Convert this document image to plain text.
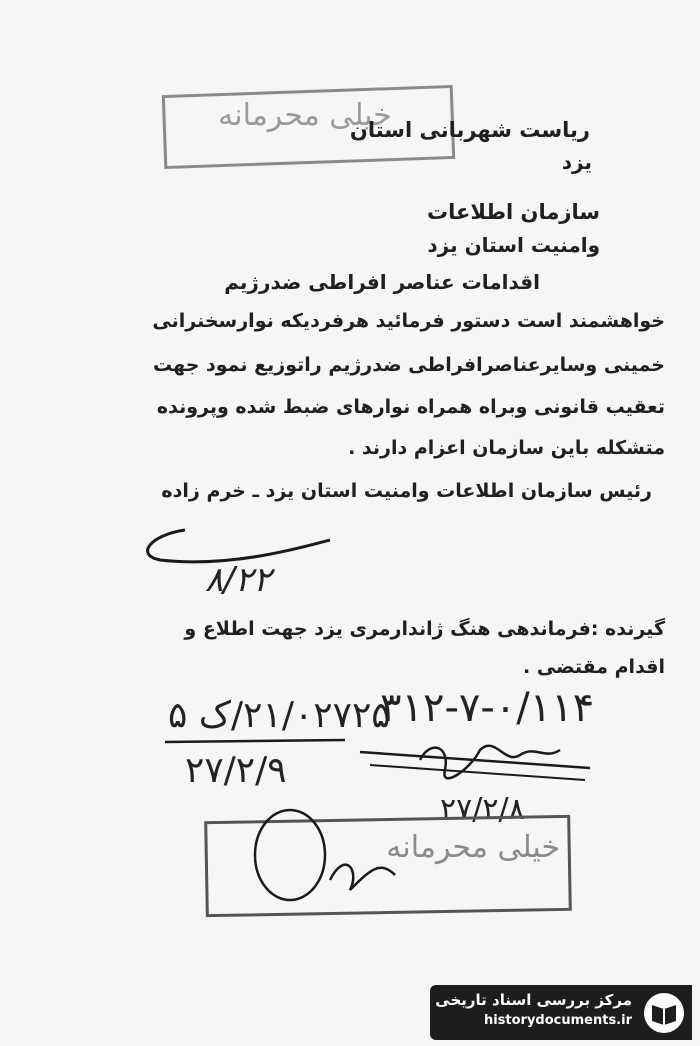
خیلی محرمانه
ریاست شهربانی استان
یزد
سازمان اطلاعات
وامنیت استان یزد
اقدامات عناصر افراطی ضدرژیم
خواهشمند است دستور فرمائید هرفردیکه نوارسخنرانی
خمینی وسایرعناصرافراطی ضدرژیم راتوزیع نمود جهت
تعقیب قانونی وبراه همراه نوارهای ضبط شده وپرونده
متشکله باین سازمان اعزام دارند .
رئیس سازمان اطلاعات وامنیت استان یزد ـ خرم زاده
۸/۲۲
گیرنده :فرماندهی هنگ ژاندارمری یزد جهت اطلاع و
اقدام مقتضی .
۲۱/۰۲۷۲۵/ک ۵
۳۱۲-۷-۰/۱۱۴
۲۷/۲/۹
۲۷/۲/۸
خیلی محرمانه
مرکز بررسی اسناد تاریخی
historydocuments.ir
